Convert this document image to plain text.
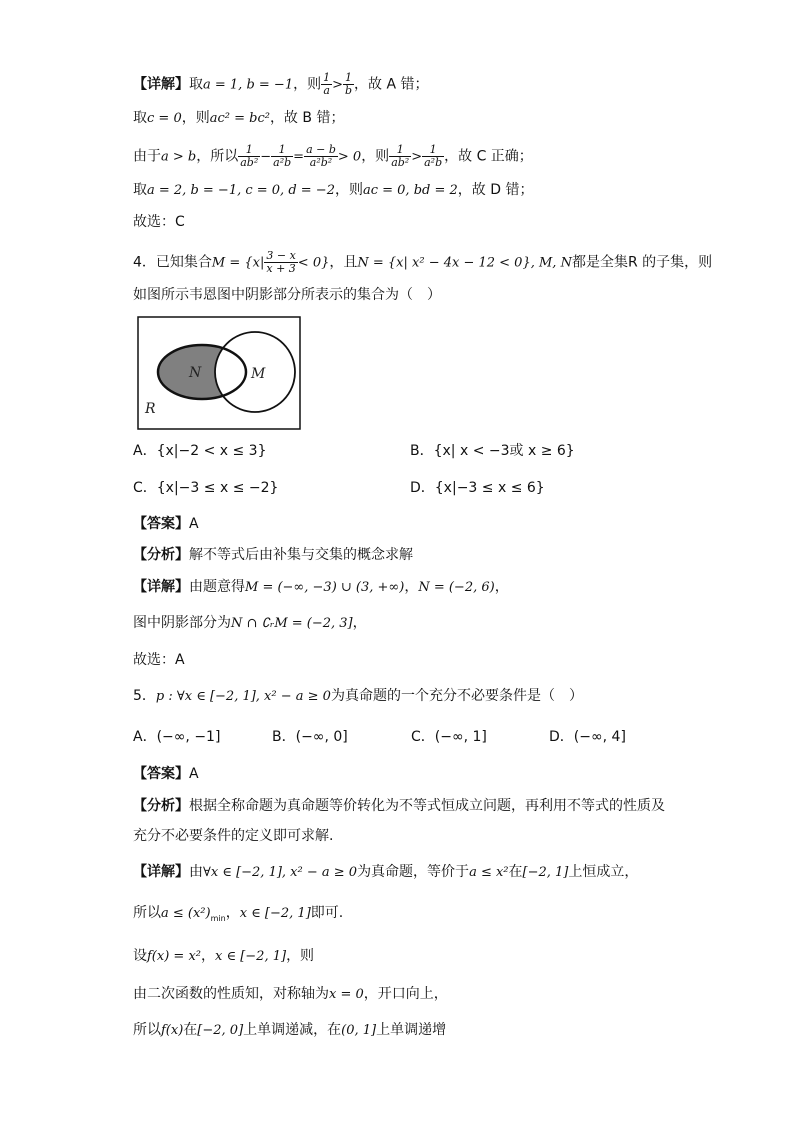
【详解】取a = 1, b = −1，则 $\frac{1}{a} > \frac{1}{b}$ ，故 A 错；
取c = 0，则ac² = bc²，故 B 错；
由于a > b，所以 $\frac{1}{\text{ab²}} - \frac{1}{\text{a²b}} = \frac{a - b}{\text{a²b²}} > 0$，则 $\frac{1}{\text{ab²}} > \frac{1}{\text{a²b}}$ ，故 C 正确；
取a = 2, b = −1, c = 0, d = −2，则ac = 0, bd = 2，故 D 错；
故选：C
4．已知集合$M = \{x| \frac{3 - x}{x + 3} < 0\}$，且N = {x| x² − 4x − 12 < 0}, M, N都是全集R 的子集，则
如图所示韦恩图中阴影部分所表示的集合为（　）
N	M
R
A．{x|−2 < x ≤ 3}	B．{x| x < −3或 x ≥ 6}
C．{x|−3 ≤ x ≤ −2}	D．{x|−3 ≤ x ≤ 6}
【答案】A
【分析】解不等式后由补集与交集的概念求解
【详解】由题意得M = (−∞, −3) ∪ (3, +∞)，N = (−2, 6)，
图中阴影部分为N ∩ ∁ᵣM = (−2, 3]，
故选：A
5．p : ∀x ∈ [−2, 1], x² − a ≥ 0为真命题的一个充分不必要条件是（　）
A．(−∞, −1]	B．(−∞, 0]	C．(−∞, 1]	D．(−∞, 4]
【答案】A
【分析】根据全称命题为真命题等价转化为不等式恒成立问题，再利用不等式的性质及
充分不必要条件的定义即可求解.
【详解】由∀x ∈ [−2, 1], x² − a ≥ 0为真命题，等价于a ≤ x²在[−2, 1]上恒成立，
所以$a \le (x^2)_{min}$，x ∈ [−2, 1]即可.
设f(x) = x²，x ∈ [−2, 1]，则
由二次函数的性质知，对称轴为x = 0，开口向上，
所以f(x)在[−2, 0]上单调递减，在(0, 1]上单调递增
